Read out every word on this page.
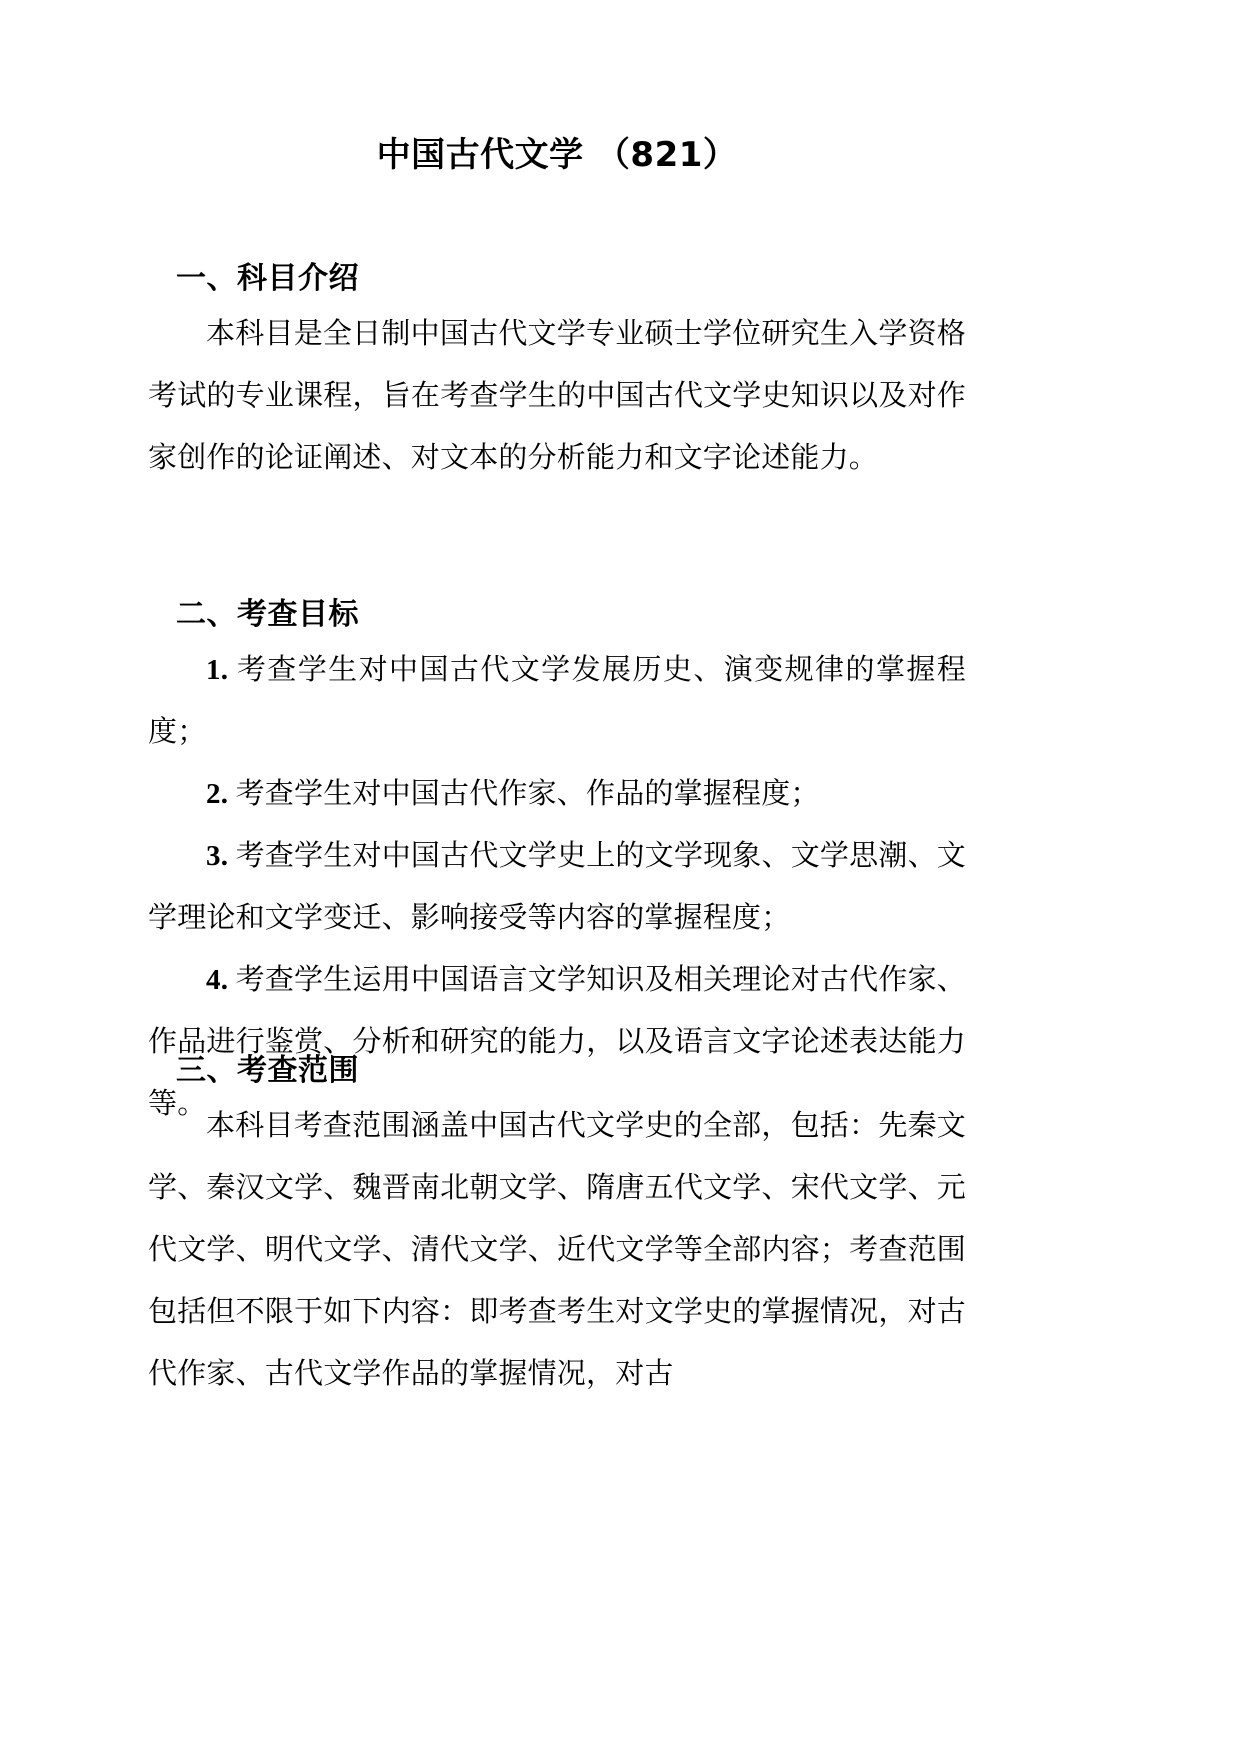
中国古代文学 （821）
一、科目介绍

本科目是全日制中国古代文学专业硕士学位研究生入学资格考试的专业课程，旨在考查学生的中国古代文学史知识以及对作家创作的论证阐述、对文本的分析能力和文字论述能力。

二、考查目标

1. 考查学生对中国古代文学发展历史、演变规律的掌握程度；

2. 考查学生对中国古代作家、作品的掌握程度；

3. 考查学生对中国古代文学史上的文学现象、文学思潮、文学理论和文学变迁、影响接受等内容的掌握程度；

4. 考查学生运用中国语言文学知识及相关理论对古代作家、作品进行鉴赏、分析和研究的能力，以及语言文字论述表达能力等。

三、考查范围

本科目考查范围涵盖中国古代文学史的全部，包括：先秦文学、秦汉文学、魏晋南北朝文学、隋唐五代文学、宋代文学、元代文学、明代文学、清代文学、近代文学等全部内容；考查范围包括但不限于如下内容：即考查考生对文学史的掌握情况，对古代作家、古代文学作品的掌握情况，对古
